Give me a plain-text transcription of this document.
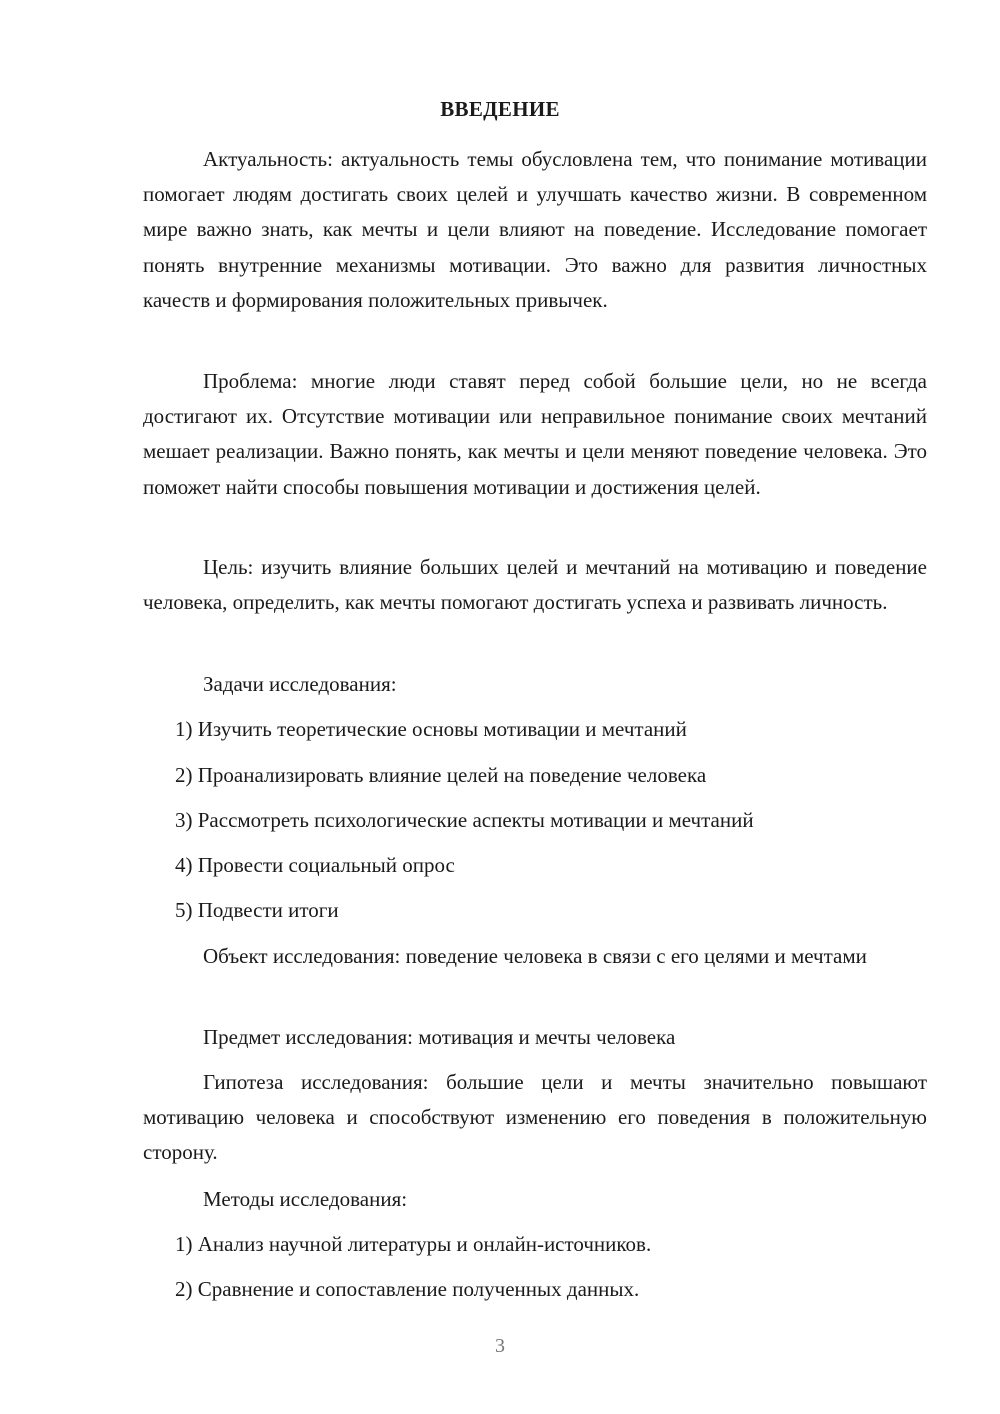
ВВЕДЕНИЕ
Актуальность: актуальность темы обусловлена тем, что понимание мотивации помогает людям достигать своих целей и улучшать качество жизни. В современном мире важно знать, как мечты и цели влияют на поведение. Исследование помогает понять внутренние механизмы мотивации. Это важно для развития личностных качеств и формирования положительных привычек.
Проблема: многие люди ставят перед собой большие цели, но не всегда достигают их. Отсутствие мотивации или неправильное понимание своих мечтаний мешает реализации. Важно понять, как мечты и цели меняют поведение человека. Это поможет найти способы повышения мотивации и достижения целей.
Цель: изучить влияние больших целей и мечтаний на мотивацию и поведение человека, определить, как мечты помогают достигать успеха и развивать личность.
Задачи исследования:
1) Изучить теоретические основы мотивации и мечтаний
2) Проанализировать влияние целей на поведение человека
3) Рассмотреть психологические аспекты мотивации и мечтаний
4) Провести социальный опрос
5) Подвести итоги
Объект исследования: поведение человека в связи с его целями и мечтами
Предмет исследования: мотивация и мечты человека
Гипотеза исследования: большие цели и мечты значительно повышают мотивацию человека и способствуют изменению его поведения в положительную сторону.
Методы исследования:
1) Анализ научной литературы и онлайн-источников.
2) Сравнение и сопоставление полученных данных.
3
